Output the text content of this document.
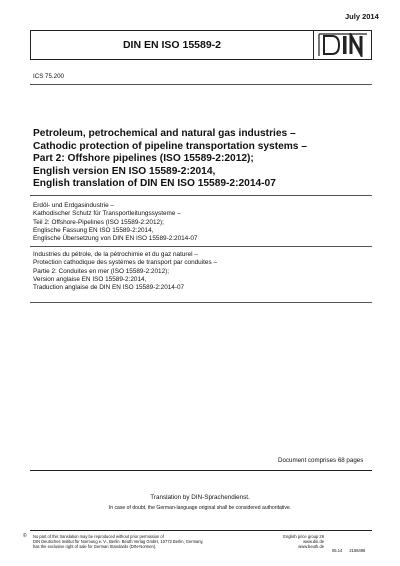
July 2014
DIN EN ISO 15589-2
ICS 75.200
Petroleum, petrochemical and natural gas industries –
Cathodic protection of pipeline transportation systems –
Part 2: Offshore pipelines (ISO 15589-2:2012);
English version EN ISO 15589-2:2014,
English translation of DIN EN ISO 15589-2:2014-07
Erdöl- und Erdgasindustrie –
Kathodischer Schutz für Transportleitungssysteme –
Teil 2: Offshore-Pipelines (ISO 15589-2:2012);
Englische Fassung EN ISO 15589-2:2014,
Englische Übersetzung von DIN EN ISO 15589-2:2014-07
Industries du pétrole, de la pétrochimie et du gaz naturel –
Protection cathodique des systèmes de transport par conduites –
Partie 2: Conduites en mer (ISO 15589-2:2012);
Version anglaise EN ISO 15589-2:2014,
Traduction anglaise de DIN EN ISO 15589-2:2014-07
Document comprises 68 pages
Translation by DIN-Sprachendienst.
In case of doubt, the German-language original shall be considered authoritative.
© No part of this translation may be reproduced without prior permission of
DIN Deutsches Institut für Normung e. V., Berlin. Beuth Verlag GmbH, 10772 Berlin, Germany,
has the exclusive right of sale for German Standards (DIN-Normen).
English price group 26
www.din.de
www.beuth.de
05.14 2158498
